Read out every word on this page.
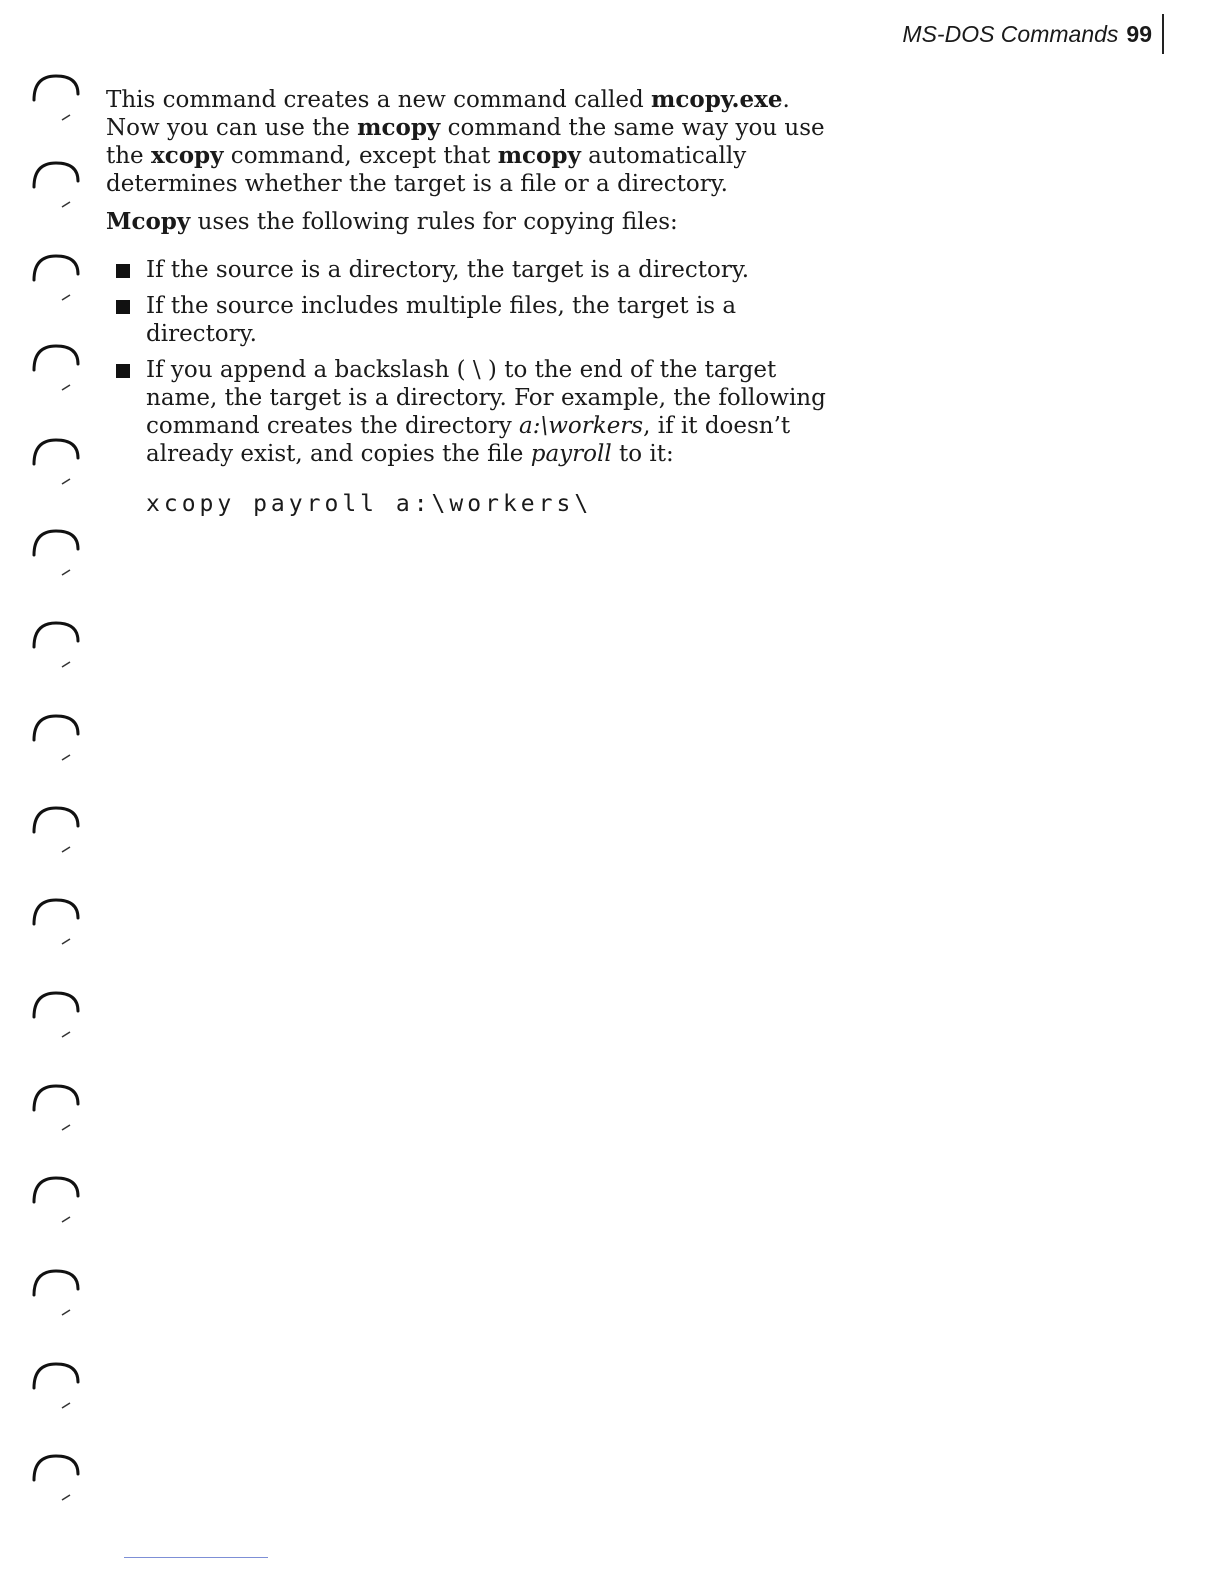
MS-DOS Commands 99

This command creates a new command called mcopy.exe. Now you can use the mcopy command the same way you use the xcopy command, except that mcopy automatically determines whether the target is a file or a directory.

Mcopy uses the following rules for copying files:

If the source is a directory, the target is a directory.
If the source includes multiple files, the target is a directory.
If you append a backslash ( \ ) to the end of the target name, the target is a directory. For example, the following command creates the directory a:\workers, if it doesn’t already exist, and copies the file payroll to it:
xcopy payroll a:\workers\
